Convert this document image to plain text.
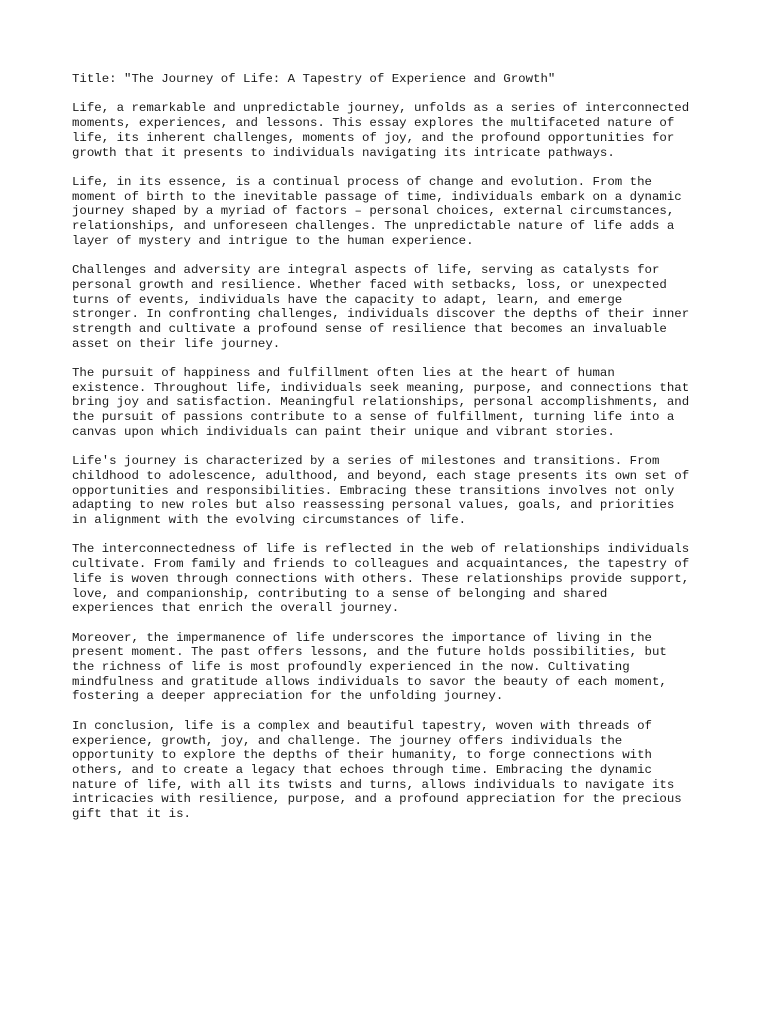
Title: "The Journey of Life: A Tapestry of Experience and Growth"
Life, a remarkable and unpredictable journey, unfolds as a series of interconnected
moments, experiences, and lessons. This essay explores the multifaceted nature of
life, its inherent challenges, moments of joy, and the profound opportunities for
growth that it presents to individuals navigating its intricate pathways.
Life, in its essence, is a continual process of change and evolution. From the
moment of birth to the inevitable passage of time, individuals embark on a dynamic
journey shaped by a myriad of factors – personal choices, external circumstances,
relationships, and unforeseen challenges. The unpredictable nature of life adds a
layer of mystery and intrigue to the human experience.
Challenges and adversity are integral aspects of life, serving as catalysts for
personal growth and resilience. Whether faced with setbacks, loss, or unexpected
turns of events, individuals have the capacity to adapt, learn, and emerge
stronger. In confronting challenges, individuals discover the depths of their inner
strength and cultivate a profound sense of resilience that becomes an invaluable
asset on their life journey.
The pursuit of happiness and fulfillment often lies at the heart of human
existence. Throughout life, individuals seek meaning, purpose, and connections that
bring joy and satisfaction. Meaningful relationships, personal accomplishments, and
the pursuit of passions contribute to a sense of fulfillment, turning life into a
canvas upon which individuals can paint their unique and vibrant stories.
Life's journey is characterized by a series of milestones and transitions. From
childhood to adolescence, adulthood, and beyond, each stage presents its own set of
opportunities and responsibilities. Embracing these transitions involves not only
adapting to new roles but also reassessing personal values, goals, and priorities
in alignment with the evolving circumstances of life.
The interconnectedness of life is reflected in the web of relationships individuals
cultivate. From family and friends to colleagues and acquaintances, the tapestry of
life is woven through connections with others. These relationships provide support,
love, and companionship, contributing to a sense of belonging and shared
experiences that enrich the overall journey.
Moreover, the impermanence of life underscores the importance of living in the
present moment. The past offers lessons, and the future holds possibilities, but
the richness of life is most profoundly experienced in the now. Cultivating
mindfulness and gratitude allows individuals to savor the beauty of each moment,
fostering a deeper appreciation for the unfolding journey.
In conclusion, life is a complex and beautiful tapestry, woven with threads of
experience, growth, joy, and challenge. The journey offers individuals the
opportunity to explore the depths of their humanity, to forge connections with
others, and to create a legacy that echoes through time. Embracing the dynamic
nature of life, with all its twists and turns, allows individuals to navigate its
intricacies with resilience, purpose, and a profound appreciation for the precious
gift that it is.
